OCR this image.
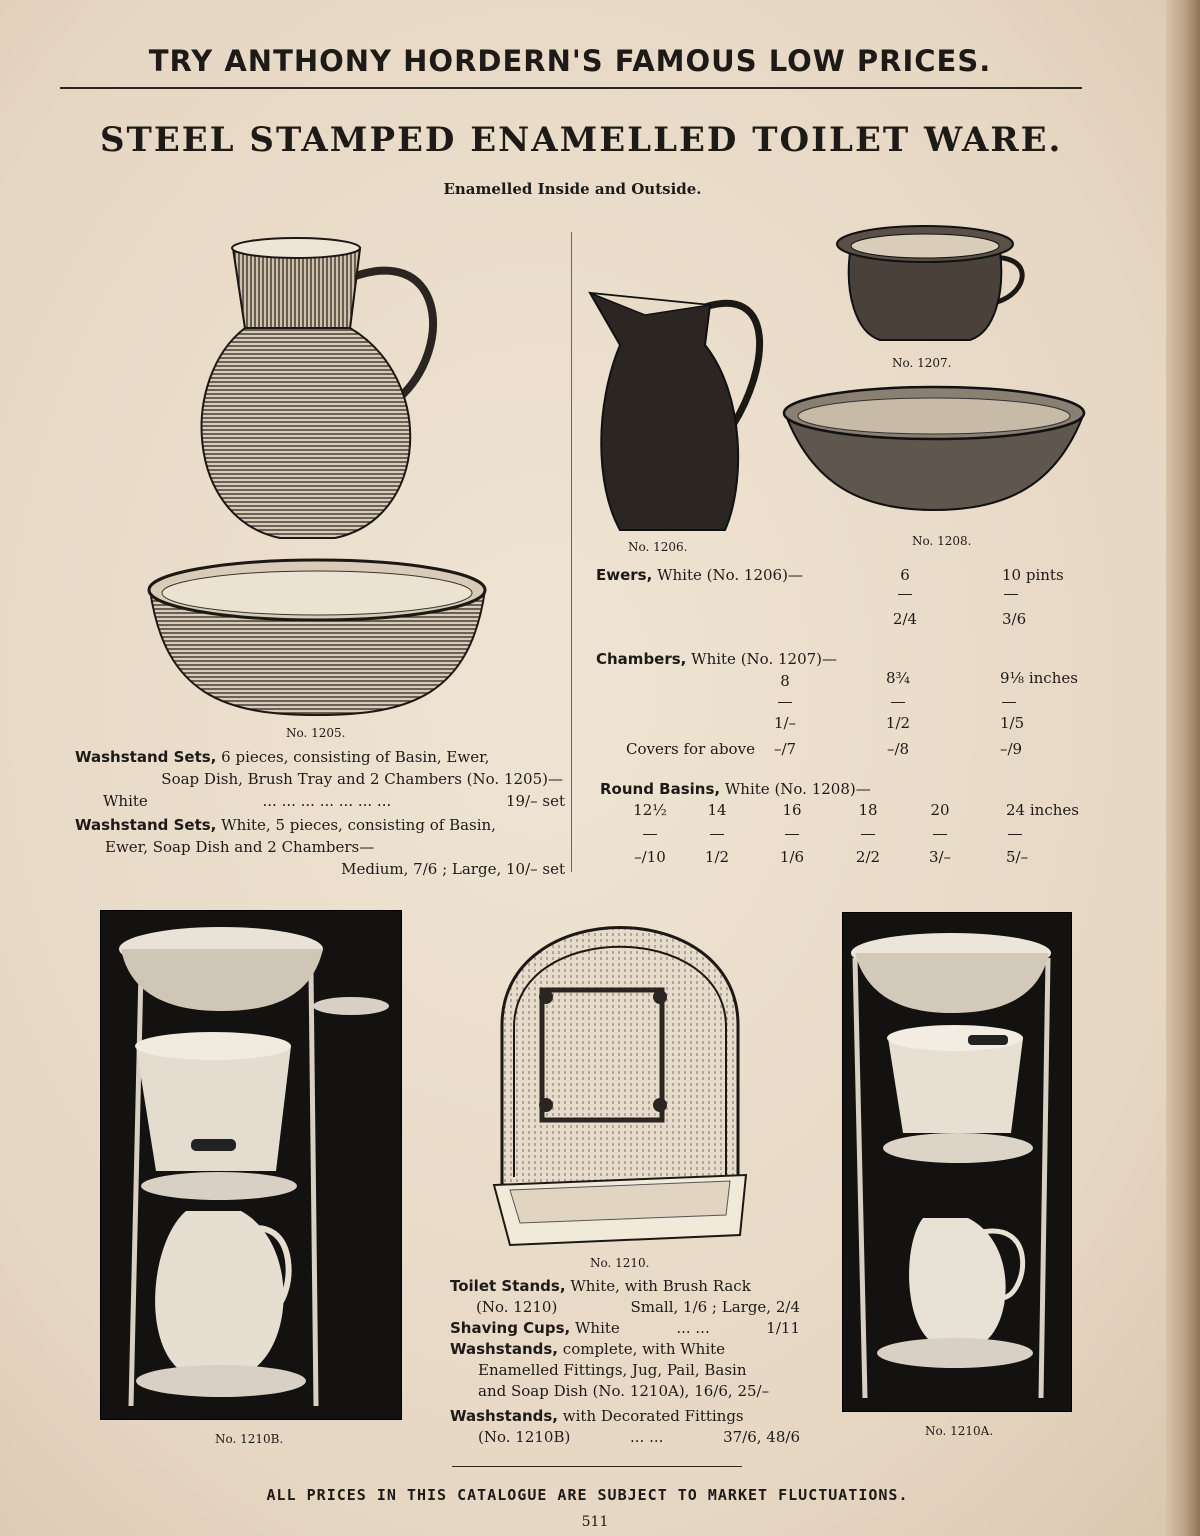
TRY ANTHONY HORDERN'S FAMOUS LOW PRICES.
STEEL STAMPED ENAMELLED TOILET WARE.
Enamelled Inside and Outside.
No. 1205.
No. 1206.
No. 1207.
No. 1208.
Washstand Sets, 6 pieces, consisting of Basin, Ewer,
Soap Dish, Brush Tray and 2 Chambers (No. 1205)—
White	... ... ... ... ... ... ...	19/– set
Washstand Sets, White, 5 pieces, consisting of Basin,
Ewer, Soap Dish and 2 Chambers—
Medium, 7/6 ; Large, 10/– set
Ewers, White (No. 1206)—	6	10 pints
2/4	3/6
Chambers, White (No. 1207)—
8	8¾	9⅛ inches
1/–	1/2	1/5
Covers for above	–/7	–/8	–/9
Round Basins, White (No. 1208)—
12½	14	16	18	20	24 inches
–/10	1/2	1/6	2/2	3/–	5/–
No. 1210B.
No. 1210.
No. 1210A.
Toilet Stands, White, with Brush Rack
(No. 1210)	Small, 1/6 ; Large, 2/4
Shaving Cups, White	... ...	1/11
Washstands, complete, with White
Enamelled Fittings, Jug, Pail, Basin
and Soap Dish (No. 1210A), 16/6, 25/–
Washstands, with Decorated Fittings
(No. 1210B)	... ...	37/6, 48/6
ALL PRICES IN THIS CATALOGUE ARE SUBJECT TO MARKET FLUCTUATIONS.
511
